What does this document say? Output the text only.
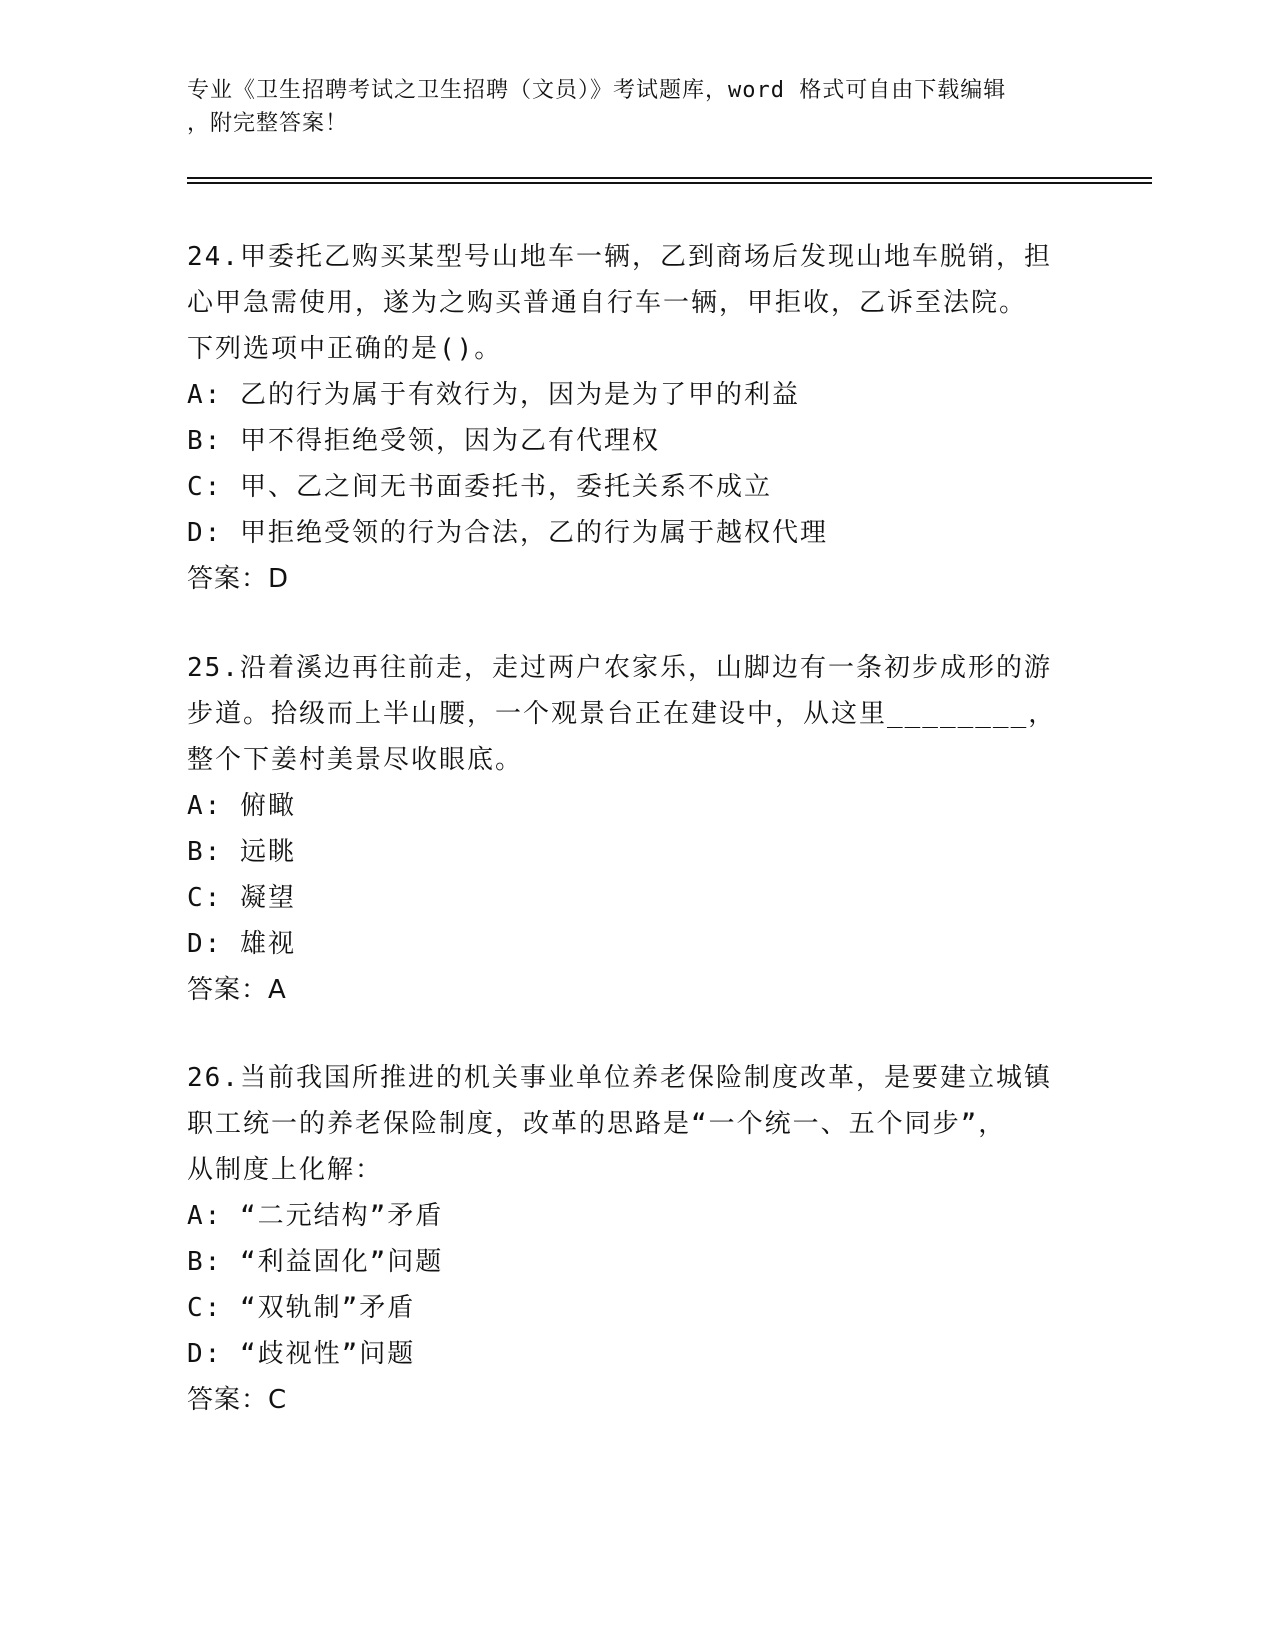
专业《卫生招聘考试之卫生招聘（文员）》考试题库，word 格式可自由下载编辑
，附完整答案！
24.甲委托乙购买某型号山地车一辆，乙到商场后发现山地车脱销，担
心甲急需使用，遂为之购买普通自行车一辆，甲拒收，乙诉至法院。
下列选项中正确的是()。
A: 乙的行为属于有效行为，因为是为了甲的利益
B: 甲不得拒绝受领，因为乙有代理权
C: 甲、乙之间无书面委托书，委托关系不成立
D: 甲拒绝受领的行为合法，乙的行为属于越权代理
答案：D
25.沿着溪边再往前走，走过两户农家乐，山脚边有一条初步成形的游
步道。拾级而上半山腰，一个观景台正在建设中，从这里________，
整个下姜村美景尽收眼底。
A: 俯瞰
B: 远眺
C: 凝望
D: 雄视
答案：A
26.当前我国所推进的机关事业单位养老保险制度改革，是要建立城镇
职工统一的养老保险制度，改革的思路是“一个统一、五个同步”，
从制度上化解：
A: “二元结构”矛盾
B: “利益固化”问题
C: “双轨制”矛盾
D: “歧视性”问题
答案：C
